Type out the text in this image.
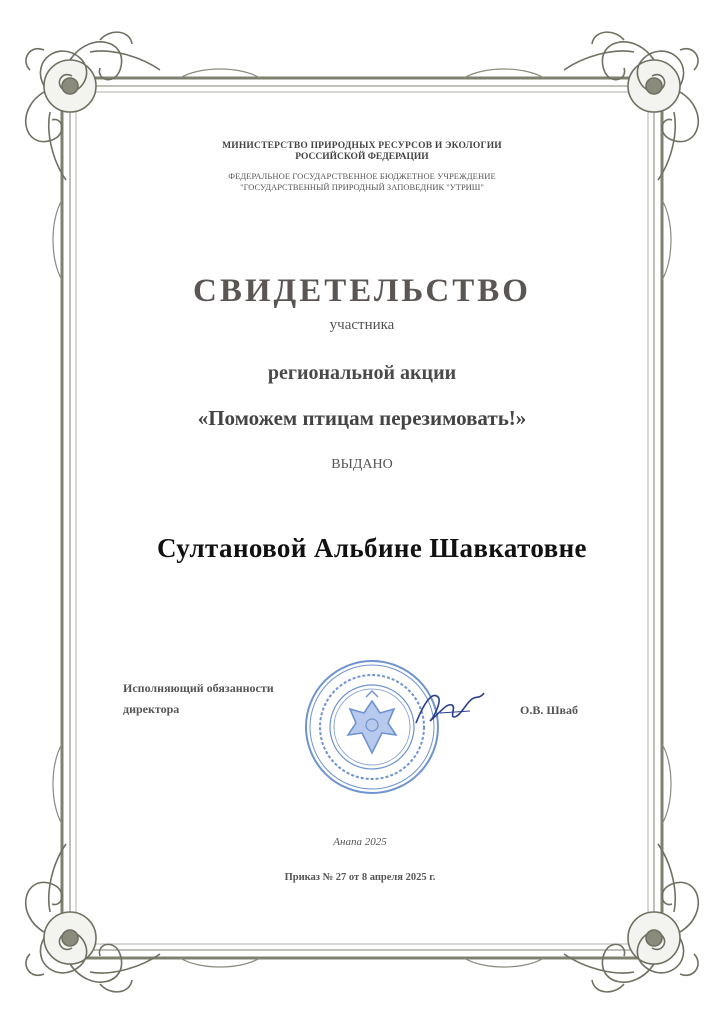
МИНИСТЕРСТВО ПРИРОДНЫХ РЕСУРСОВ И ЭКОЛОГИИ
РОССИЙСКОЙ ФЕДЕРАЦИИ
ФЕДЕРАЛЬНОЕ ГОСУДАРСТВЕННОЕ БЮДЖЕТНОЕ УЧРЕЖДЕНИЕ
"ГОСУДАРСТВЕННЫЙ ПРИРОДНЫЙ ЗАПОВЕДНИК "УТРИШ"
СВИДЕТЕЛЬСТВО
участника
региональной акции
«Поможем птицам перезимовать!»
ВЫДАНО
Султановой Альбине Шавкатовне
Исполняющий обязанности
директора	О.В. Шваб
Анапа 2025
Приказ № 27 от 8 апреля 2025 г.
